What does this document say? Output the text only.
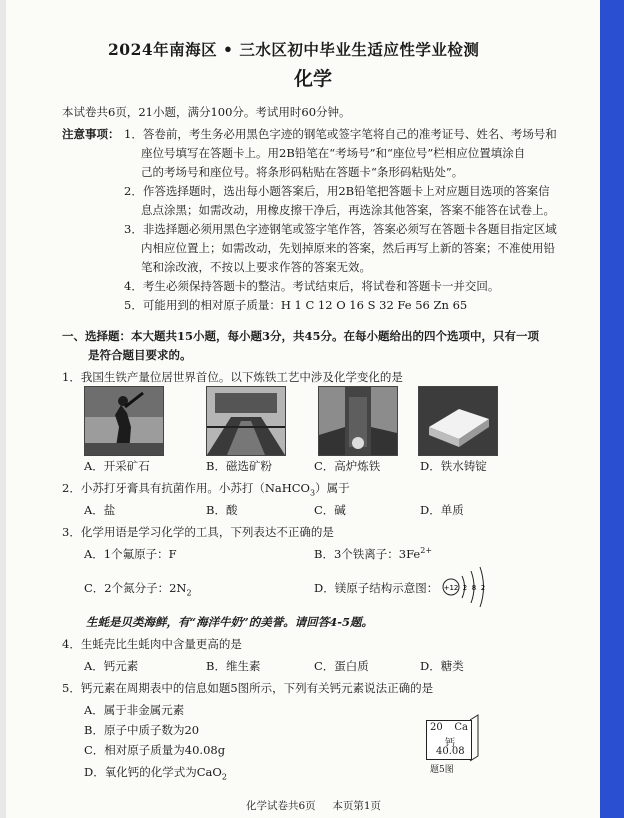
2024年南海区 • 三水区初中毕业生适应性学业检测
化学
本试卷共6页，21小题，满分100分。考试用时60分钟。
注意事项： 1．答卷前，考生务必用黑色字迹的钢笔或签字笔将自己的准考证号、姓名、考场号和
座位号填写在答题卡上。用2B铅笔在“考场号”和“座位号”栏相应位置填涂自
己的考场号和座位号。将条形码粘贴在答题卡“条形码粘贴处”。
2．作答选择题时，选出每小题答案后，用2B铅笔把答题卡上对应题目选项的答案信
息点涂黑；如需改动，用橡皮擦干净后，再选涂其他答案，答案不能答在试卷上。
3．非选择题必须用黑色字迹钢笔或签字笔作答，答案必须写在答题卡各题目指定区域
内相应位置上；如需改动，先划掉原来的答案，然后再写上新的答案；不准使用铅
笔和涂改液，不按以上要求作答的答案无效。
4．考生必须保持答题卡的整洁。考试结束后，将试卷和答题卡一并交回。
5．可能用到的相对原子质量：H 1 C 12 O 16 S 32 Fe 56 Zn 65
一、选择题：本大题共15小题，每小题3分，共45分。在每小题给出的四个选项中，只有一项
是符合题目要求的。
1．我国生铁产量位居世界首位。以下炼铁工艺中涉及化学变化的是
A．开采矿石	B．磁选矿粉	C．高炉炼铁	D．铁水铸锭
2．小苏打牙膏具有抗菌作用。小苏打（NaHCO$_3$）属于
A．盐	B．酸	C．碱	D．单质
3．化学用语是学习化学的工具，下列表达不正确的是
A．1个氟原子：F	B．3个铁离子：$3Fe^{2+}$
C．2个氮分子：$2N_2$	D．镁原子结构示意图： +12 2 8 2
生蚝是贝类海鲜，有“海洋牛奶”的美誉。请回答4-5题。
4．生蚝壳比生蚝肉中含量更高的是
A．钙元素	B．维生素	C．蛋白质	D．糖类
5．钙元素在周期表中的信息如题5图所示，下列有关钙元素说法正确的是
A．属于非金属元素
B．原子中质子数为20
C．相对原子质量为40.08g
D．氧化钙的化学式为CaO$_2$
20 Ca
钙
40.08
题5图
化学试卷共6页     本页第1页
